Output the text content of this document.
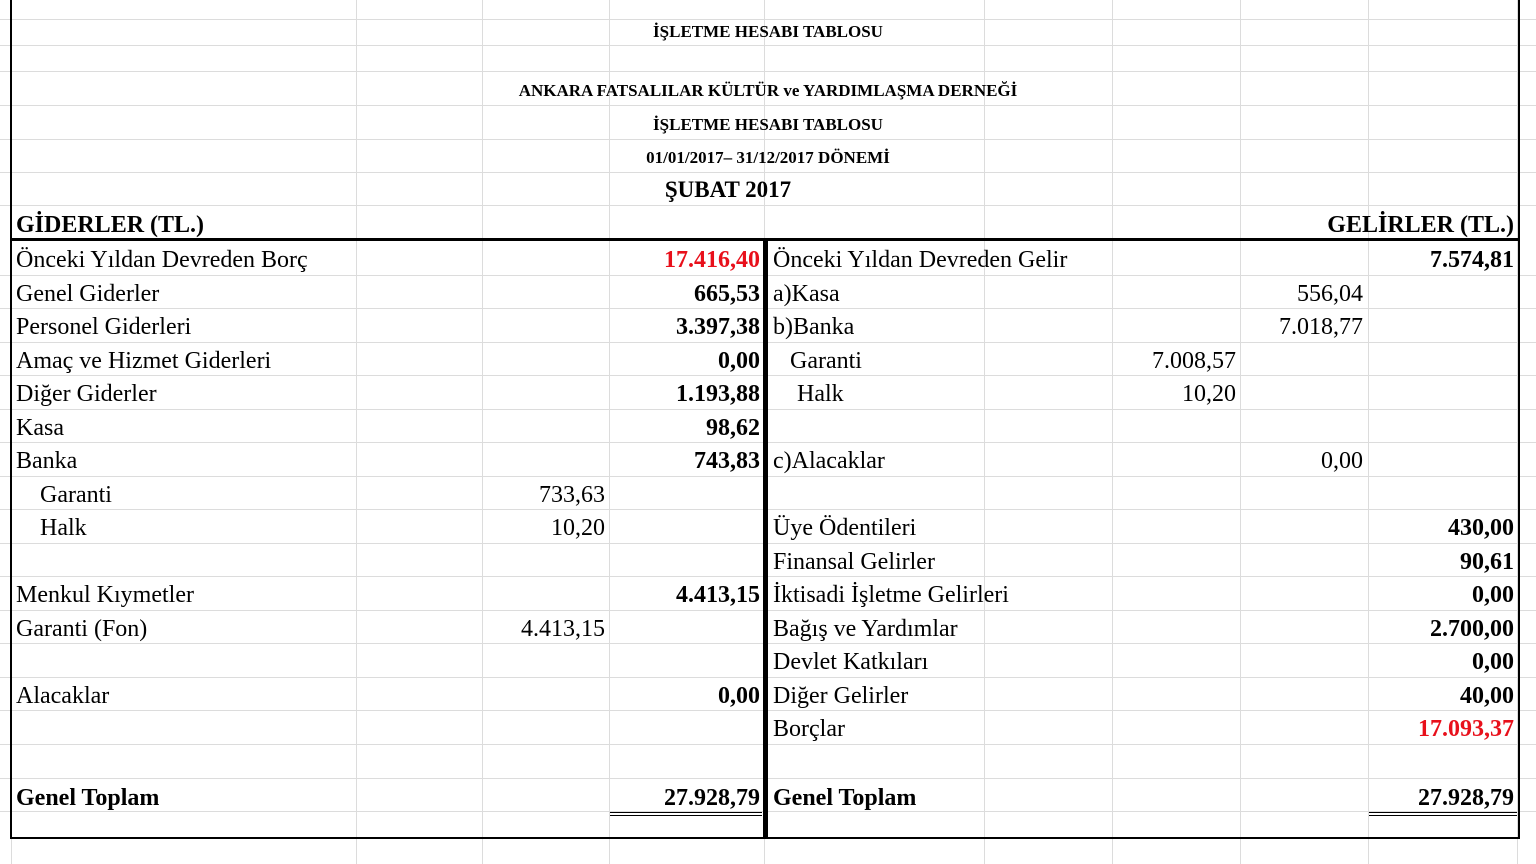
İŞLETME HESABI TABLOSU
ANKARA FATSALILAR KÜLTÜR ve YARDIMLAŞMA DERNEĞİ
İŞLETME HESABI TABLOSU
01/01/2017– 31/12/2017 DÖNEMİ
ŞUBAT 2017
GİDERLER (TL.)	GELİRLER (TL.)
Önceki Yıldan Devreden Borç	17.416,40
Genel Giderler	665,53
Personel Giderleri	3.397,38
Amaç ve Hizmet Giderleri	0,00
Diğer Giderler	1.193,88
Kasa	98,62
Banka	743,83
Garanti	733,63
Halk	10,20
Menkul Kıymetler	4.413,15
Garanti (Fon)	4.413,15
Alacaklar	0,00
Genel Toplam	27.928,79
Önceki Yıldan Devreden Gelir	7.574,81
a)Kasa	556,04
b)Banka	7.018,77
Garanti	7.008,57
Halk	10,20
c)Alacaklar	0,00
Üye Ödentileri	430,00
Finansal Gelirler	90,61
İktisadi İşletme Gelirleri	0,00
Bağış ve Yardımlar	2.700,00
Devlet Katkıları	0,00
Diğer Gelirler	40,00
Borçlar	17.093,37
Genel Toplam	27.928,79
